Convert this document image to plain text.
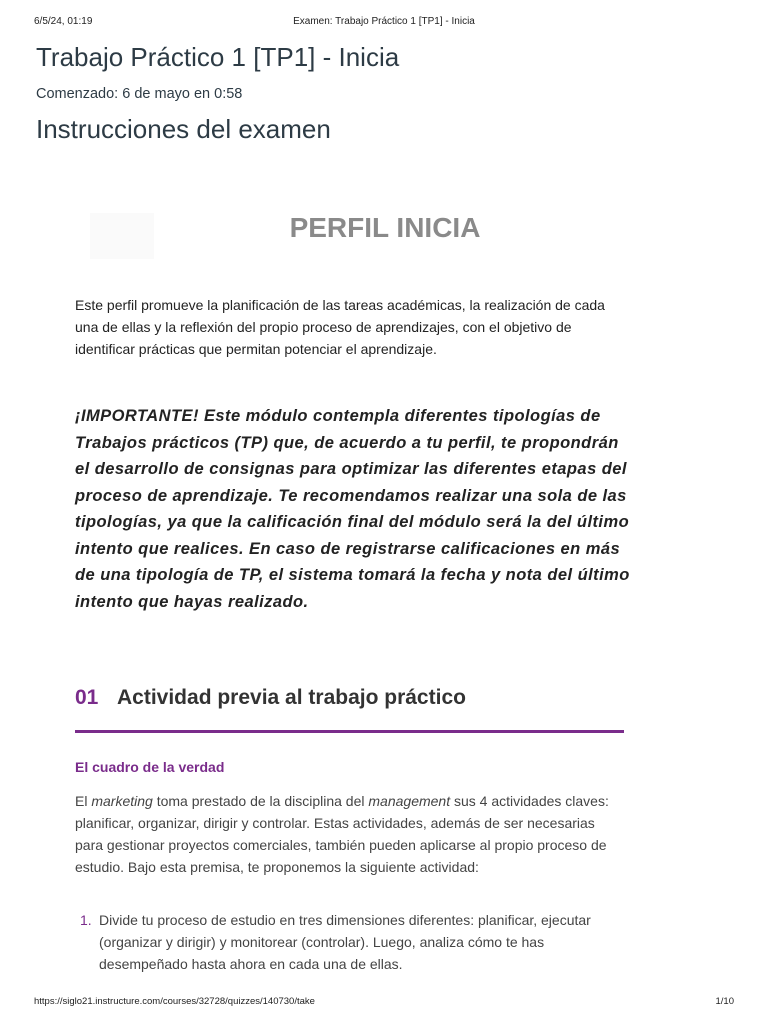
6/5/24, 01:19	Examen: Trabajo Práctico 1 [TP1] - Inicia
Trabajo Práctico 1 [TP1] - Inicia
Comenzado: 6 de mayo en 0:58
Instrucciones del examen
PERFIL INICIA

Este perfil promueve la planificación de las tareas académicas, la realización de cada una de ellas y la reflexión del propio proceso de aprendizajes, con el objetivo de identificar prácticas que permitan potenciar el aprendizaje.

¡IMPORTANTE! Este módulo contempla diferentes tipologías de Trabajos prácticos (TP) que, de acuerdo a tu perfil, te propondrán el desarrollo de consignas para optimizar las diferentes etapas del proceso de aprendizaje. Te recomendamos realizar una sola de las tipologías, ya que la calificación final del módulo será la del último intento que realices. En caso de registrarse calificaciones en más de una tipología de TP, el sistema tomará la fecha y nota del último intento que hayas realizado.

01 Actividad previa al trabajo práctico
El cuadro de la verdad

El marketing toma prestado de la disciplina del management sus 4 actividades claves: planificar, organizar, dirigir y controlar. Estas actividades, además de ser necesarias para gestionar proyectos comerciales, también pueden aplicarse al propio proceso de estudio. Bajo esta premisa, te proponemos la siguiente actividad:

1. Divide tu proceso de estudio en tres dimensiones diferentes: planificar, ejecutar (organizar y dirigir) y monitorear (controlar). Luego, analiza cómo te has desempeñado hasta ahora en cada una de ellas.
https://siglo21.instructure.com/courses/32728/quizzes/140730/take	1/10
